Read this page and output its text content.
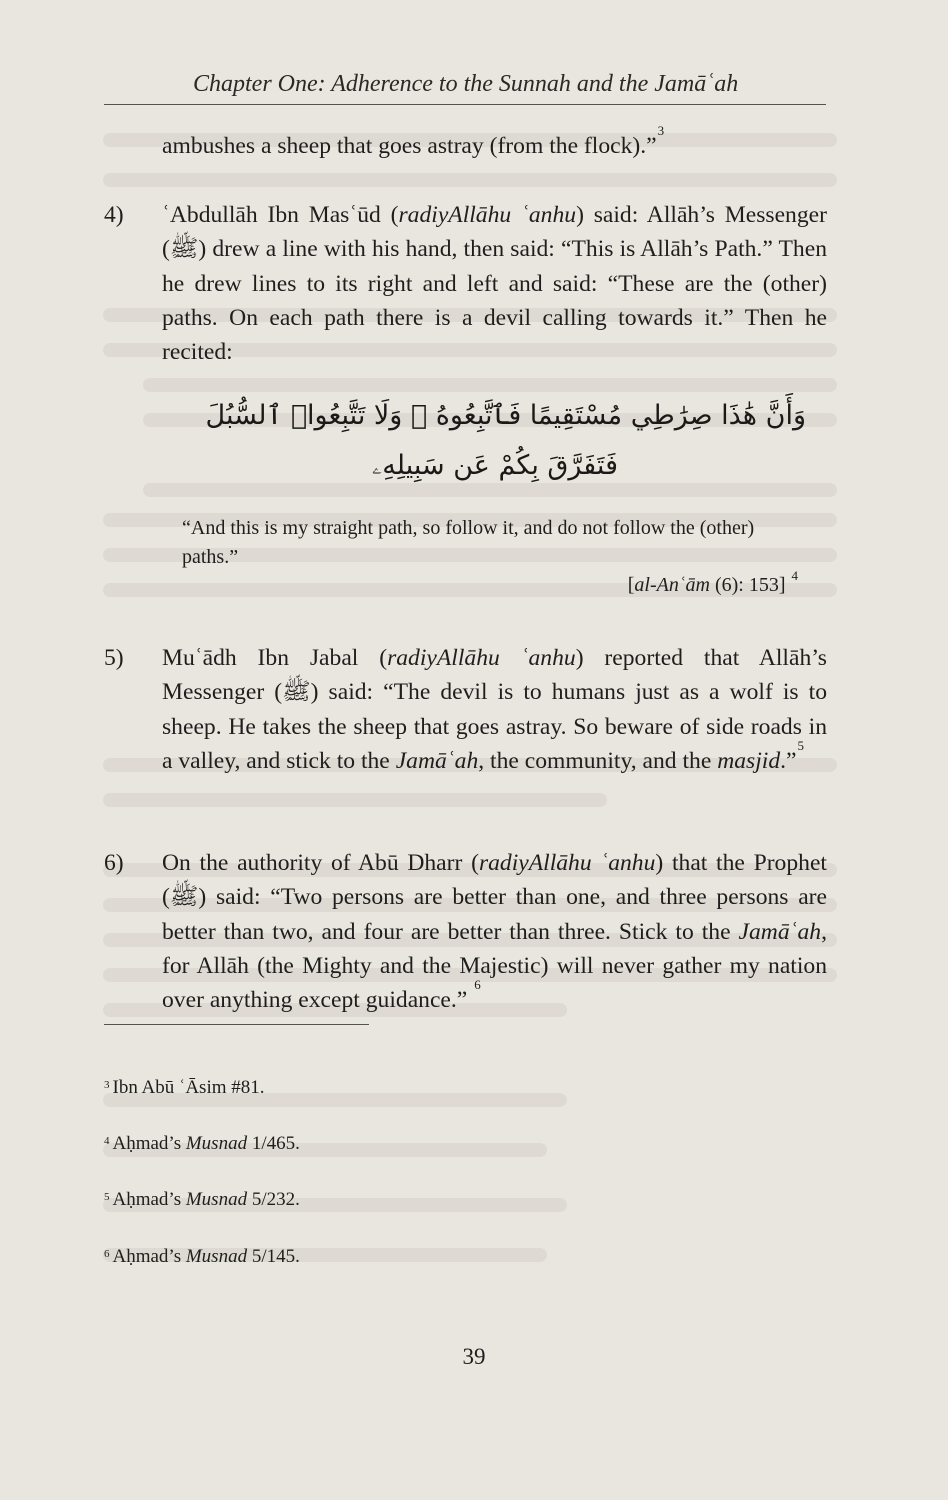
Chapter One: Adherence to the Sunnah and the Jamāʿah
ambushes a sheep that goes astray (from the flock).”$^3$
4) ʿAbdullāh Ibn Masʿūd (radiyAllāhu ʿanhu) said: Allāh’s Messenger (ﷺ) drew a line with his hand, then said: “This is Allāh’s Path.” Then he drew lines to its right and left and said: “These are the (other) paths. On each path there is a devil calling towards it.” Then he recited:
وَأَنَّ هَٰذَا صِرَٰطِي مُسْتَقِيمًا فَٱتَّبِعُوهُ ۖ وَلَا تَتَّبِعُوا۟ ٱلسُّبُلَ
فَتَفَرَّقَ بِكُمْ عَن سَبِيلِهِۦ
“And this is my straight path, so follow it, and do not follow the (other) paths.”
[al-Anʿām (6): 153] $^4$
5) Muʿādh Ibn Jabal (radiyAllāhu ʿanhu) reported that Allāh’s Messenger (ﷺ) said: “The devil is to humans just as a wolf is to sheep. He takes the sheep that goes astray. So beware of side roads in a valley, and stick to the Jamāʿah, the community, and the masjid.”$^5$
6) On the authority of Abū Dharr (radiyAllāhu ʿanhu) that the Prophet (ﷺ) said: “Two persons are better than one, and three persons are better than two, and four are better than three. Stick to the Jamāʿah, for Allāh (the Mighty and the Majestic) will never gather my nation over anything except guidance.” $^6$
$^3$ Ibn Abū ʿĀsim #81.
$^4$ Aḥmad’s Musnad 1/465.
$^5$ Aḥmad’s Musnad 5/232.
$^6$ Aḥmad’s Musnad 5/145.
39
